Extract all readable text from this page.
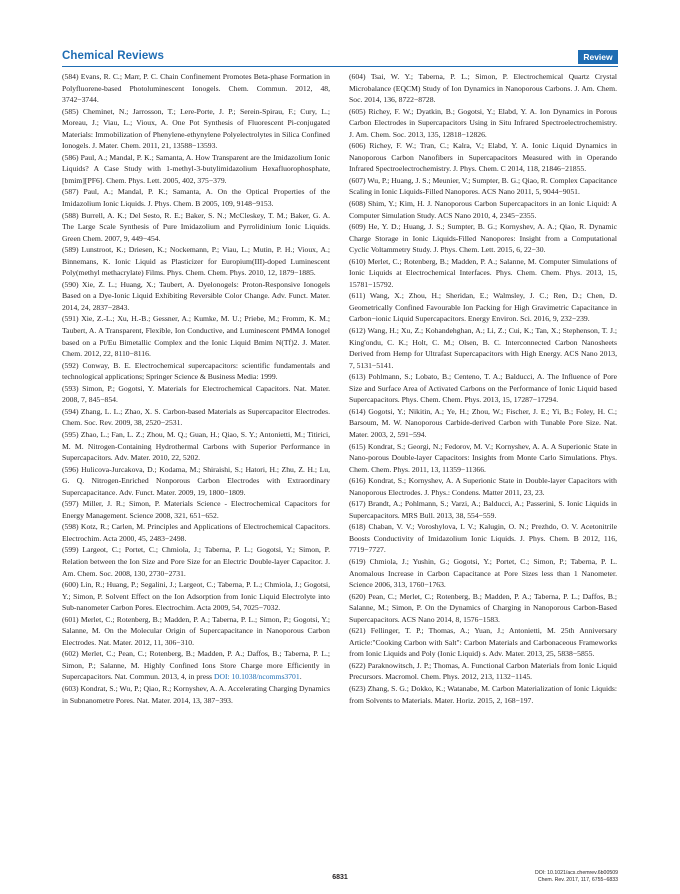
Chemical Reviews	Review

(584) Evans, R. C.; Marr, P. C. Chain Confinement Promotes Beta-phase Formation in Polyfluorene-based Photoluminescent Ionogels. Chem. Commun. 2012, 48, 3742−3744.

(585) Cheminet, N.; Jarrosson, T.; Lere-Porte, J. P.; Serein-Spirau, F.; Cury, L.; Moreau, J.; Viau, L.; Vioux, A. One Pot Synthesis of Fluorescent Pi-conjugated Materials: Immobilization of Phenylene-ethynylene Polyelectrolytes in Silica Confined Ionogels. J. Mater. Chem. 2011, 21, 13588−13593.

(586) Paul, A.; Mandal, P. K.; Samanta, A. How Transparent are the Imidazolium Ionic Liquids? A Case Study with 1-methyl-3-butylimidazolium Hexafluorophosphate, [bmim][PF6]. Chem. Phys. Lett. 2005, 402, 375−379.

(587) Paul, A.; Mandal, P. K.; Samanta, A. On the Optical Properties of the Imidazolium Ionic Liquids. J. Phys. Chem. B 2005, 109, 9148−9153.

(588) Burrell, A. K.; Del Sesto, R. E.; Baker, S. N.; McCleskey, T. M.; Baker, G. A. The Large Scale Synthesis of Pure Imidazolium and Pyrrolidinium Ionic Liquids. Green Chem. 2007, 9, 449−454.

(589) Lunstroot, K.; Driesen, K.; Nockemann, P.; Viau, L.; Mutin, P. H.; Vioux, A.; Binnemans, K. Ionic Liquid as Plasticizer for Europium(III)-doped Luminescent Poly(methyl methacrylate) Films. Phys. Chem. Chem. Phys. 2010, 12, 1879−1885.

(590) Xie, Z. L.; Huang, X.; Taubert, A. Dyelonogels: Proton-Responsive Ionogels Based on a Dye-Ionic Liquid Exhibiting Reversible Color Change. Adv. Funct. Mater. 2014, 24, 2837−2843.

(591) Xie, Z.-L.; Xu, H.-B.; Gessner, A.; Kumke, M. U.; Priebe, M.; Fromm, K. M.; Taubert, A. A Transparent, Flexible, Ion Conductive, and Luminescent PMMA Ionogel based on a Pt/Eu Bimetallic Complex and the Ionic Liquid Bmim N(Tf)2. J. Mater. Chem. 2012, 22, 8110−8116.

(592) Conway, B. E. Electrochemical supercapacitors: scientific fundamentals and technological applications; Springer Science & Business Media: 1999.

(593) Simon, P.; Gogotsi, Y. Materials for Electrochemical Capacitors. Nat. Mater. 2008, 7, 845−854.

(594) Zhang, L. L.; Zhao, X. S. Carbon-based Materials as Supercapacitor Electrodes. Chem. Soc. Rev. 2009, 38, 2520−2531.

(595) Zhao, L.; Fan, L. Z.; Zhou, M. Q.; Guan, H.; Qiao, S. Y.; Antonietti, M.; Titirici, M. M. Nitrogen-Containing Hydrothermal Carbons with Superior Performance in Supercapacitors. Adv. Mater. 2010, 22, 5202.

(596) Hulicova-Jurcakova, D.; Kodama, M.; Shiraishi, S.; Hatori, H.; Zhu, Z. H.; Lu, G. Q. Nitrogen-Enriched Nonporous Carbon Electrodes with Extraordinary Supercapacitance. Adv. Funct. Mater. 2009, 19, 1800−1809.

(597) Miller, J. R.; Simon, P. Materials Science - Electrochemical Capacitors for Energy Management. Science 2008, 321, 651−652.

(598) Kotz, R.; Carlen, M. Principles and Applications of Electrochemical Capacitors. Electrochim. Acta 2000, 45, 2483−2498.

(599) Largeot, C.; Portet, C.; Chmiola, J.; Taberna, P. L.; Gogotsi, Y.; Simon, P. Relation between the Ion Size and Pore Size for an Electric Double-layer Capacitor. J. Am. Chem. Soc. 2008, 130, 2730−2731.

(600) Lin, R.; Huang, P.; Segalini, J.; Largeot, C.; Taberna, P. L.; Chmiola, J.; Gogotsi, Y.; Simon, P. Solvent Effect on the Ion Adsorption from Ionic Liquid Electrolyte into Sub-nanometer Carbon Pores. Electrochim. Acta 2009, 54, 7025−7032.

(601) Merlet, C.; Rotenberg, B.; Madden, P. A.; Taberna, P. L.; Simon, P.; Gogotsi, Y.; Salanne, M. On the Molecular Origin of Supercapacitance in Nanoporous Carbon Electrodes. Nat. Mater. 2012, 11, 306−310.

(602) Merlet, C.; Pean, C.; Rotenberg, B.; Madden, P. A.; Daffos, B.; Taberna, P. L.; Simon, P.; Salanne, M. Highly Confined Ions Store Charge more Efficiently in Supercapacitors. Nat. Commun. 2013, 4, in press DOI: 10.1038/ncomms3701.

(603) Kondrat, S.; Wu, P.; Qiao, R.; Kornyshev, A. A. Accelerating Charging Dynamics in Subnanometre Pores. Nat. Mater. 2014, 13, 387−393.

(604) Tsai, W. Y.; Taberna, P. L.; Simon, P. Electrochemical Quartz Crystal Microbalance (EQCM) Study of Ion Dynamics in Nanoporous Carbons. J. Am. Chem. Soc. 2014, 136, 8722−8728.

(605) Richey, F. W.; Dyatkin, B.; Gogotsi, Y.; Elabd, Y. A. Ion Dynamics in Porous Carbon Electrodes in Supercapacitors Using in Situ Infrared Spectroelectrochemistry. J. Am. Chem. Soc. 2013, 135, 12818−12826.

(606) Richey, F. W.; Tran, C.; Kalra, V.; Elabd, Y. A. Ionic Liquid Dynamics in Nanoporous Carbon Nanofibers in Supercapacitors Measured with in Operando Infrared Spectroelectrochemistry. J. Phys. Chem. C 2014, 118, 21846−21855.

(607) Wu, P.; Huang, J. S.; Meunier, V.; Sumpter, B. G.; Qiao, R. Complex Capacitance Scaling in Ionic Liquids-Filled Nanopores. ACS Nano 2011, 5, 9044−9051.

(608) Shim, Y.; Kim, H. J. Nanoporous Carbon Supercapacitors in an Ionic Liquid: A Computer Simulation Study. ACS Nano 2010, 4, 2345−2355.

(609) He, Y. D.; Huang, J. S.; Sumpter, B. G.; Kornyshev, A. A.; Qiao, R. Dynamic Charge Storage in Ionic Liquids-Filled Nanopores: Insight from a Computational Cyclic Voltammetry Study. J. Phys. Chem. Lett. 2015, 6, 22−30.

(610) Merlet, C.; Rotenberg, B.; Madden, P. A.; Salanne, M. Computer Simulations of Ionic Liquids at Electrochemical Interfaces. Phys. Chem. Chem. Phys. 2013, 15, 15781−15792.

(611) Wang, X.; Zhou, H.; Sheridan, E.; Walmsley, J. C.; Ren, D.; Chen, D. Geometrically Confined Favourable Ion Packing for High Gravimetric Capacitance in Carbon−ionic Liquid Supercapacitors. Energy Environ. Sci. 2016, 9, 232−239.

(612) Wang, H.; Xu, Z.; Kohandehghan, A.; Li, Z.; Cui, K.; Tan, X.; Stephenson, T. J.; King'ondu, C. K.; Holt, C. M.; Olsen, B. C. Interconnected Carbon Nanosheets Derived from Hemp for Ultrafast Supercapacitors with High Energy. ACS Nano 2013, 7, 5131−5141.

(613) Pohlmann, S.; Lobato, B.; Centeno, T. A.; Balducci, A. The Influence of Pore Size and Surface Area of Activated Carbons on the Performance of Ionic Liquid based Supercapacitors. Phys. Chem. Chem. Phys. 2013, 15, 17287−17294.

(614) Gogotsi, Y.; Nikitin, A.; Ye, H.; Zhou, W.; Fischer, J. E.; Yi, B.; Foley, H. C.; Barsoum, M. W. Nanoporous Carbide-derived Carbon with Tunable Pore Size. Nat. Mater. 2003, 2, 591−594.

(615) Kondrat, S.; Georgi, N.; Fedorov, M. V.; Kornyshev, A. A. A Superionic State in Nano-porous Double-layer Capacitors: Insights from Monte Carlo Simulations. Phys. Chem. Chem. Phys. 2011, 13, 11359−11366.

(616) Kondrat, S.; Kornyshev, A. A Superionic State in Double-layer Capacitors with Nanoporous Electrodes. J. Phys.: Condens. Matter 2011, 23, 23.

(617) Brandt, A.; Pohlmann, S.; Varzi, A.; Balducci, A.; Passerini, S. Ionic Liquids in Supercapacitors. MRS Bull. 2013, 38, 554−559.

(618) Chaban, V. V.; Voroshylova, I. V.; Kalugin, O. N.; Prezhdo, O. V. Acetonitrile Boosts Conductivity of Imidazolium Ionic Liquids. J. Phys. Chem. B 2012, 116, 7719−7727.

(619) Chmiola, J.; Yushin, G.; Gogotsi, Y.; Portet, C.; Simon, P.; Taberna, P. L. Anomalous Increase in Carbon Capacitance at Pore Sizes less than 1 Nanometer. Science 2006, 313, 1760−1763.

(620) Pean, C.; Merlet, C.; Rotenberg, B.; Madden, P. A.; Taberna, P. L.; Daffos, B.; Salanne, M.; Simon, P. On the Dynamics of Charging in Nanoporous Carbon-Based Supercapacitors. ACS Nano 2014, 8, 1576−1583.

(621) Fellinger, T. P.; Thomas, A.; Yuan, J.; Antonietti, M. 25th Anniversary Article:"Cooking Carbon with Salt": Carbon Materials and Carbonaceous Frameworks from Ionic Liquids and Poly (Ionic Liquid) s. Adv. Mater. 2013, 25, 5838−5855.

(622) Paraknowitsch, J. P.; Thomas, A. Functional Carbon Materials from Ionic Liquid Precursors. Macromol. Chem. Phys. 2012, 213, 1132−1145.

(623) Zhang, S. G.; Dokko, K.; Watanabe, M. Carbon Materialization of Ionic Liquids: from Solvents to Materials. Mater. Horiz. 2015, 2, 168−197.

6831
DOI: 10.1021/acs.chemrev.6b00509
Chem. Rev. 2017, 117, 6755−6833
